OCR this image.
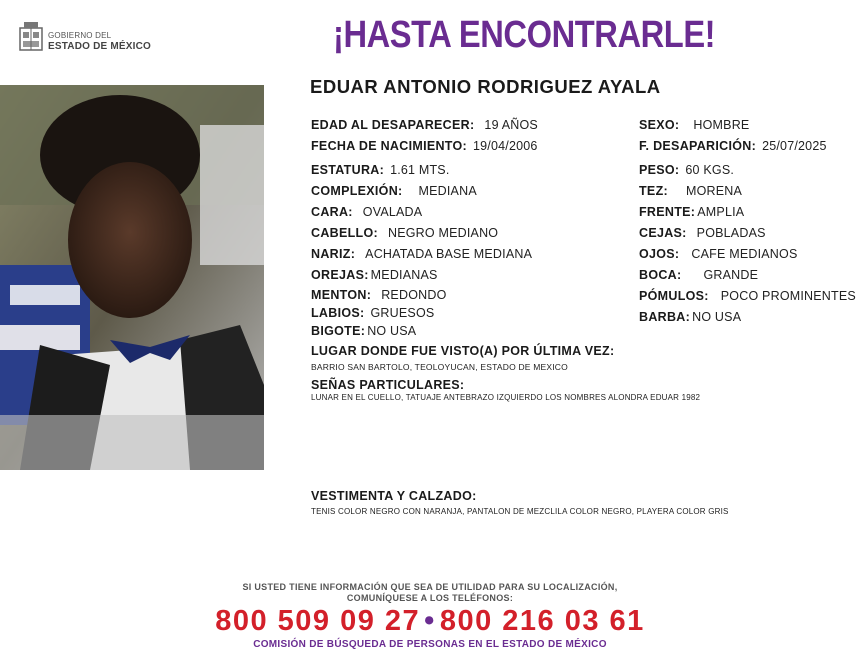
GOBIERNO DEL
ESTADO DE MÉXICO	¡HASTA ENCONTRARLE!
EDUAR ANTONIO RODRIGUEZ AYALA
EDAD AL DESAPARECER: 19 AÑOS
FECHA DE NACIMIENTO: 19/04/2006
ESTATURA: 1.61 MTS.
COMPLEXIÓN: MEDIANA
CARA: OVALADA
CABELLO: NEGRO MEDIANO
NARIZ: ACHATADA BASE MEDIANA
OREJAS: MEDIANAS
MENTON: REDONDO
LABIOS: GRUESOS
BIGOTE: NO USA
SEXO: HOMBRE
F. DESAPARICIÓN: 25/07/2025
PESO: 60 KGS.
TEZ: MORENA
FRENTE: AMPLIA
CEJAS: POBLADAS
OJOS: CAFE MEDIANOS
BOCA: GRANDE
PÓMULOS: POCO PROMINENTES
BARBA: NO USA
LUGAR DONDE FUE VISTO(A) POR ÚLTIMA VEZ:
BARRIO SAN BARTOLO, TEOLOYUCAN, ESTADO DE MEXICO
SEÑAS PARTICULARES:
LUNAR EN EL CUELLO, TATUAJE ANTEBRAZO IZQUIERDO LOS NOMBRES ALONDRA EDUAR 1982
VESTIMENTA Y CALZADO:
TENIS COLOR NEGRO CON NARANJA, PANTALON DE MEZCLILA COLOR NEGRO, PLAYERA COLOR GRIS
SI USTED TIENE INFORMACIÓN QUE SEA DE UTILIDAD PARA SU LOCALIZACIÓN,
COMUNÍQUESE A LOS TELÉFONOS:
800 509 09 27 • 800 216 03 61
COMISIÓN DE BÚSQUEDA DE PERSONAS EN EL ESTADO DE MÉXICO
